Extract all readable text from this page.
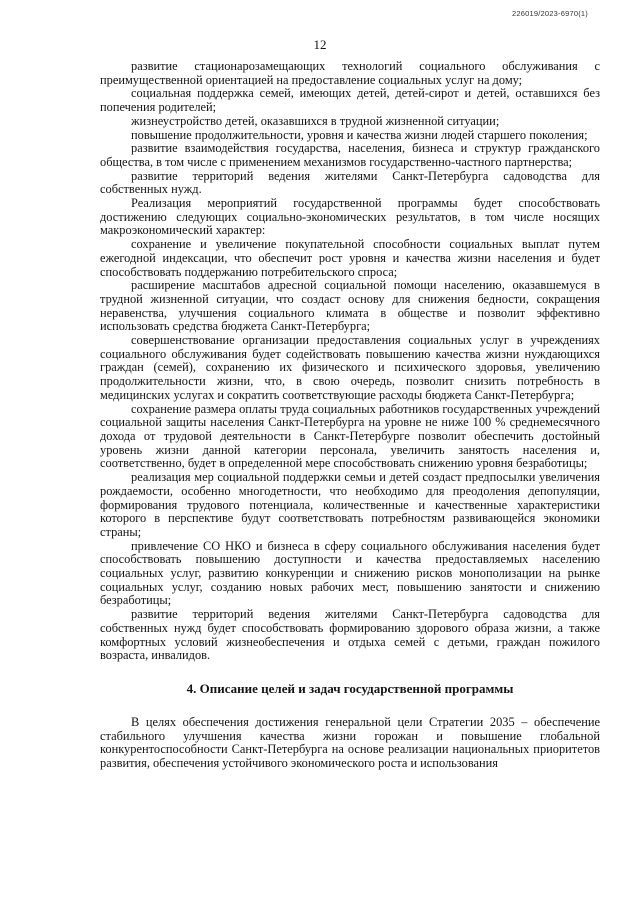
226019/2023-6970(1)
12

развитие стационарозамещающих технологий социального обслуживания с преимущественной ориентацией на предоставление социальных услуг на дому;

социальная поддержка семей, имеющих детей, детей-сирот и детей, оставшихся без попечения родителей;

жизнеустройство детей, оказавшихся в трудной жизненной ситуации;

повышение продолжительности, уровня и качества жизни людей старшего поколения;

развитие взаимодействия государства, населения, бизнеса и структур гражданского общества, в том числе с применением механизмов государственно-частного партнерства;

развитие территорий ведения жителями Санкт-Петербурга садоводства для собственных нужд.

Реализация мероприятий государственной программы будет способствовать достижению следующих социально-экономических результатов, в том числе носящих макроэкономический характер:

сохранение и увеличение покупательной способности социальных выплат путем ежегодной индексации, что обеспечит рост уровня и качества жизни населения и будет способствовать поддержанию потребительского спроса;

расширение масштабов адресной социальной помощи населению, оказавшемуся в трудной жизненной ситуации, что создаст основу для снижения бедности, сокращения неравенства, улучшения социального климата в обществе и позволит эффективно использовать средства бюджета Санкт-Петербурга;

совершенствование организации предоставления социальных услуг в учреждениях социального обслуживания будет содействовать повышению качества жизни нуждающихся граждан (семей), сохранению их физического и психического здоровья, увеличению продолжительности жизни, что, в свою очередь, позволит снизить потребность в медицинских услугах и сократить соответствующие расходы бюджета Санкт-Петербурга;

сохранение размера оплаты труда социальных работников государственных учреждений социальной защиты населения Санкт-Петербурга на уровне не ниже 100 % среднемесячного дохода от трудовой деятельности в Санкт-Петербурге позволит обеспечить достойный уровень жизни данной категории персонала, увеличить занятость населения и, соответственно, будет в определенной мере способствовать снижению уровня безработицы;

реализация мер социальной поддержки семьи и детей создаст предпосылки увеличения рождаемости, особенно многодетности, что необходимо для преодоления депопуляции, формирования трудового потенциала, количественные и качественные характеристики которого в перспективе будут соответствовать потребностям развивающейся экономики страны;

привлечение СО НКО и бизнеса в сферу социального обслуживания населения будет способствовать повышению доступности и качества предоставляемых населению социальных услуг, развитию конкуренции и снижению рисков монополизации на рынке социальных услуг, созданию новых рабочих мест, повышению занятости и снижению безработицы;

развитие территорий ведения жителями Санкт-Петербурга садоводства для собственных нужд будет способствовать формированию здорового образа жизни, а также комфортных условий жизнеобеспечения и отдыха семей с детьми, граждан пожилого возраста, инвалидов.

4. Описание целей и задач государственной программы

В целях обеспечения достижения генеральной цели Стратегии 2035 – обеспечение стабильного улучшения качества жизни горожан и повышение глобальной конкурентоспособности Санкт-Петербурга на основе реализации национальных приоритетов развития, обеспечения устойчивого экономического роста и использования
